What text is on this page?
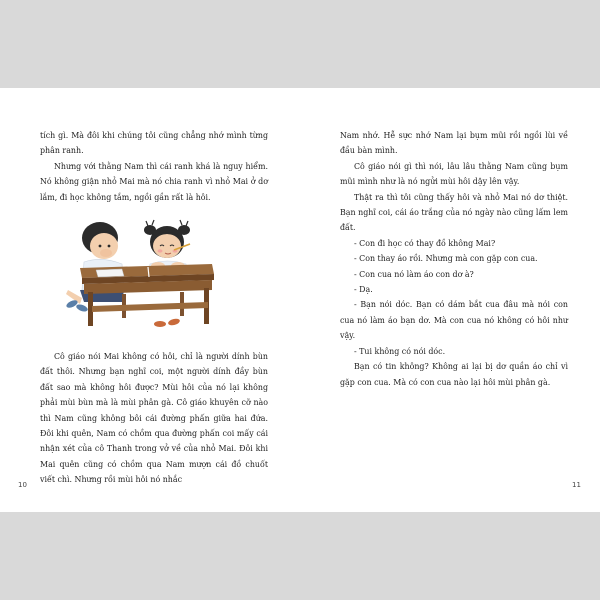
tích gì. Mà đôi khi chúng tôi cũng chẳng nhớ mình từng phân ranh.

Nhưng với thằng Nam thì cái ranh khá là nguy hiểm. Nó không giận nhỏ Mai mà nó chia ranh vì nhỏ Mai ở dơ lắm, đi học không tắm, ngồi gần rất là hôi.

Cô giáo nói Mai không có hôi, chỉ là người dính bùn đất thôi. Nhưng bạn nghĩ coi, một người dính đầy bùn đất sao mà không hôi được? Mùi hôi của nó lại không phải mùi bùn mà là mùi phân gà. Cô giáo khuyên cỡ nào thì Nam cũng không bôi cái đường phấn giữa hai đứa. Đôi khi quên, Nam có chồm qua đường phấn coi mấy cái nhận xét của cô Thanh trong vở về của nhỏ Mai. Đôi khi Mai quên cũng có chồm qua Nam mượn cái đồ chuốt viết chì. Nhưng rồi mùi hôi nó nhắc

Nam nhớ. Hễ sực nhớ Nam lại bụm mũi rồi ngồi lùi về đầu bàn mình.

Cô giáo nói gì thì nói, lâu lâu thằng Nam cũng bụm mũi mình như là nó ngửi mùi hôi dậy lên vậy.

Thật ra thì tôi cũng thấy hôi và nhỏ Mai nó dơ thiệt. Bạn nghĩ coi, cái áo trắng của nó ngày nào cũng lấm lem đất.

- Con đi học có thay đồ không Mai?

- Con thay áo rồi. Nhưng mà con gặp con cua.

- Con cua nó làm áo con dơ à?

- Dạ.

- Bạn nói dóc. Bạn có dám bắt cua đâu mà nói con cua nó làm áo bạn dơ. Mà con cua nó không có hôi như vậy.

- Tui không có nói dóc.

Bạn có tin không? Không ai lại bị dơ quần áo chỉ vì gặp con cua. Mà có con cua nào lại hôi mùi phân gà.

10	11
